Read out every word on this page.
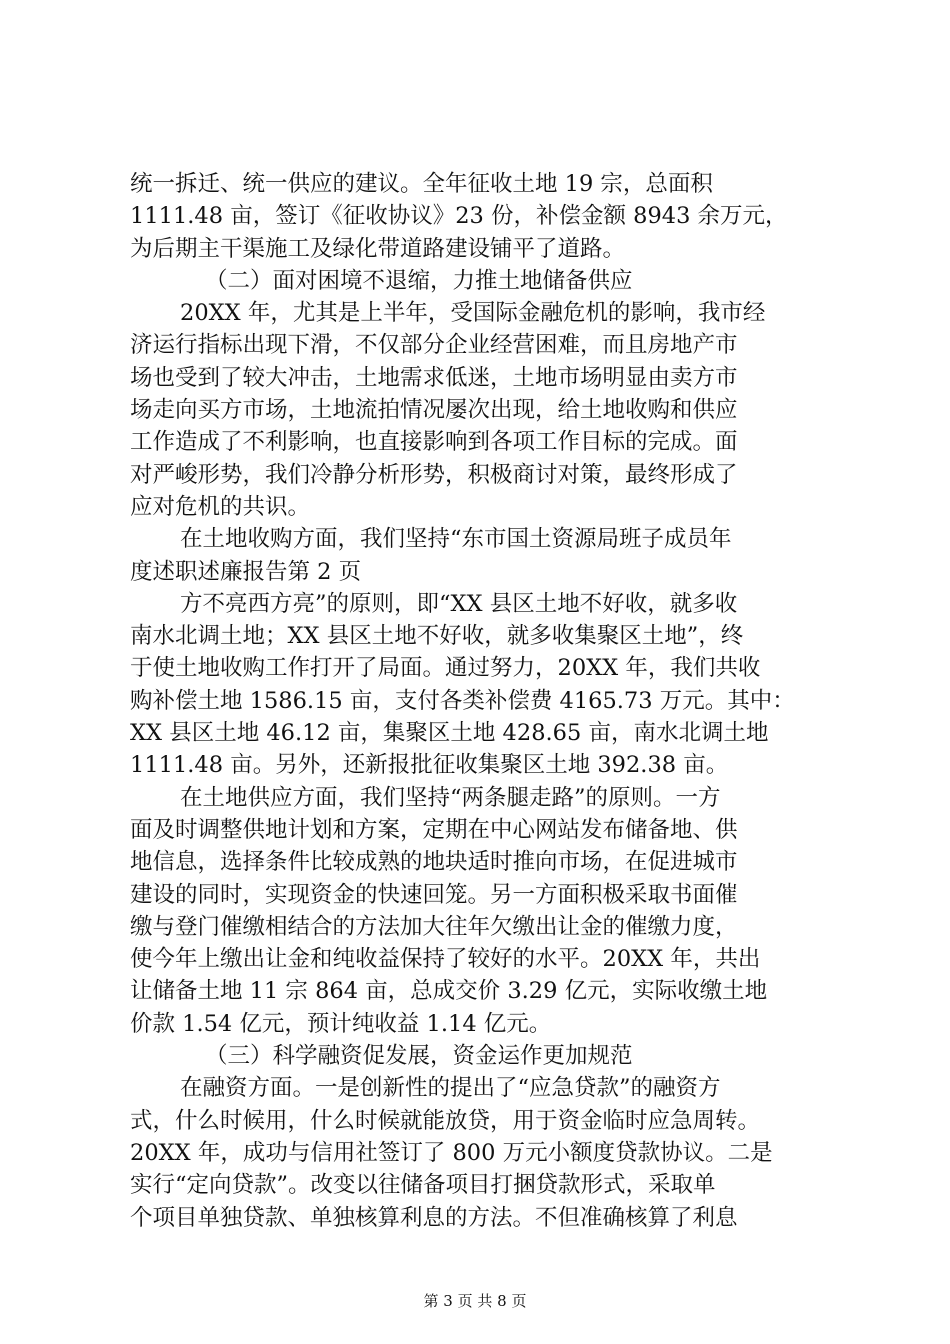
统一拆迁、统一供应的建议。全年征收土地 19 宗，总面积
1111.48 亩，签订《征收协议》23 份，补偿金额 8943 余万元，
为后期主干渠施工及绿化带道路建设铺平了道路。
（二）面对困境不退缩，力推土地储备供应
20XX 年，尤其是上半年，受国际金融危机的影响，我市经
济运行指标出现下滑，不仅部分企业经营困难，而且房地产市
场也受到了较大冲击，土地需求低迷，土地市场明显由卖方市
场走向买方市场，土地流拍情况屡次出现，给土地收购和供应
工作造成了不利影响，也直接影响到各项工作目标的完成。面
对严峻形势，我们冷静分析形势，积极商讨对策，最终形成了
应对危机的共识。
在土地收购方面，我们坚持“东市国土资源局班子成员年
度述职述廉报告第 2 页
方不亮西方亮”的原则，即“XX 县区土地不好收，就多收
南水北调土地；XX 县区土地不好收，就多收集聚区土地”，终
于使土地收购工作打开了局面。通过努力，20XX 年，我们共收
购补偿土地 1586.15 亩，支付各类补偿费 4165.73 万元。其中：
XX 县区土地 46.12 亩，集聚区土地 428.65 亩，南水北调土地
1111.48 亩。另外，还新报批征收集聚区土地 392.38 亩。
在土地供应方面，我们坚持“两条腿走路”的原则。一方
面及时调整供地计划和方案，定期在中心网站发布储备地、供
地信息，选择条件比较成熟的地块适时推向市场，在促进城市
建设的同时，实现资金的快速回笼。另一方面积极采取书面催
缴与登门催缴相结合的方法加大往年欠缴出让金的催缴力度，
使今年上缴出让金和纯收益保持了较好的水平。20XX 年，共出
让储备土地 11 宗 864 亩，总成交价 3.29 亿元，实际收缴土地
价款 1.54 亿元，预计纯收益 1.14 亿元。
（三）科学融资促发展，资金运作更加规范
在融资方面。一是创新性的提出了“应急贷款”的融资方
式，什么时候用，什么时候就能放贷，用于资金临时应急周转。
20XX 年，成功与信用社签订了 800 万元小额度贷款协议。二是
实行“定向贷款”。改变以往储备项目打捆贷款形式，采取单
个项目单独贷款、单独核算利息的方法。不但准确核算了利息
第 3 页 共 8 页
